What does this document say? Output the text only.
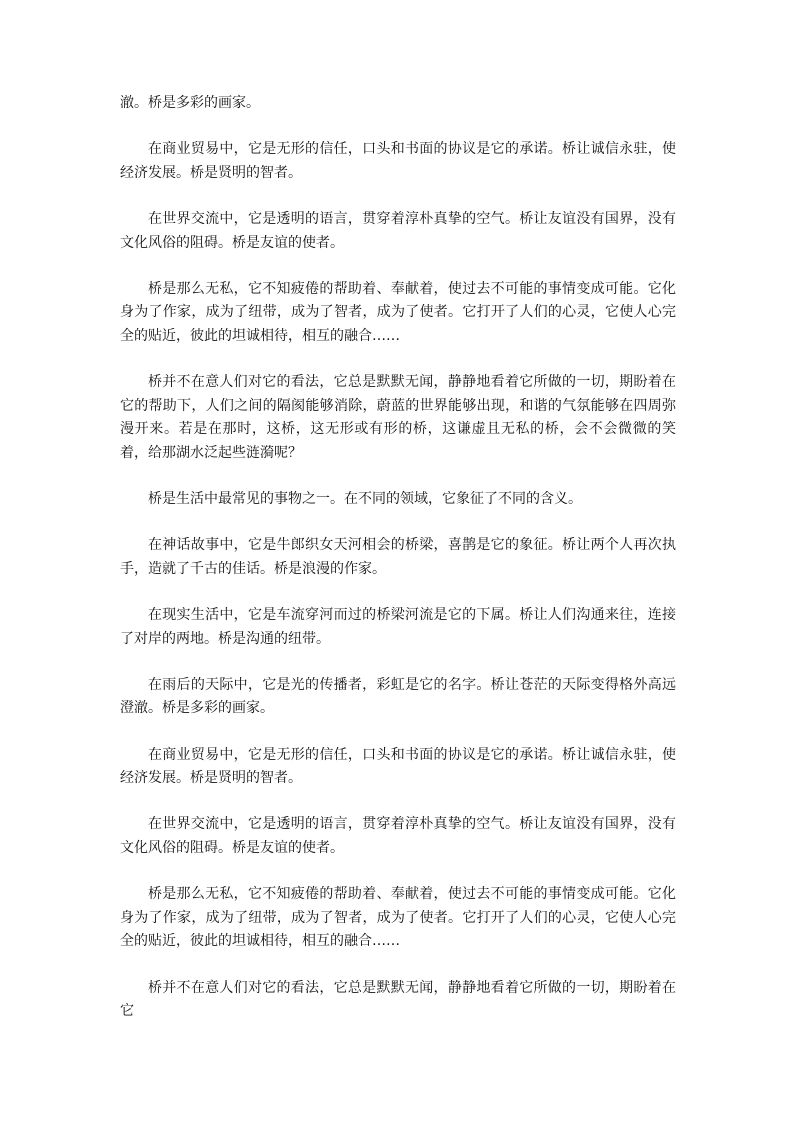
澈。桥是多彩的画家。

在商业贸易中，它是无形的信任，口头和书面的协议是它的承诺。桥让诚信永驻，使经济发展。桥是贤明的智者。

在世界交流中，它是透明的语言，贯穿着淳朴真挚的空气。桥让友谊没有国界，没有文化风俗的阻碍。桥是友谊的使者。

桥是那么无私，它不知疲倦的帮助着、奉献着，使过去不可能的事情变成可能。它化身为了作家，成为了纽带，成为了智者，成为了使者。它打开了人们的心灵，它使人心完全的贴近，彼此的坦诚相待，相互的融合……

桥并不在意人们对它的看法，它总是默默无闻，静静地看着它所做的一切，期盼着在它的帮助下，人们之间的隔阂能够消除，蔚蓝的世界能够出现，和谐的气氛能够在四周弥漫开来。若是在那时，这桥，这无形或有形的桥，这谦虚且无私的桥，会不会微微的笑着，给那湖水泛起些涟漪呢？

桥是生活中最常见的事物之一。在不同的领域，它象征了不同的含义。

在神话故事中，它是牛郎织女天河相会的桥梁，喜鹊是它的象征。桥让两个人再次执手，造就了千古的佳话。桥是浪漫的作家。

在现实生活中，它是车流穿河而过的桥梁河流是它的下属。桥让人们沟通来往，连接了对岸的两地。桥是沟通的纽带。

在雨后的天际中，它是光的传播者，彩虹是它的名字。桥让苍茫的天际变得格外高远澄澈。桥是多彩的画家。

在商业贸易中，它是无形的信任，口头和书面的协议是它的承诺。桥让诚信永驻，使经济发展。桥是贤明的智者。

在世界交流中，它是透明的语言，贯穿着淳朴真挚的空气。桥让友谊没有国界，没有文化风俗的阻碍。桥是友谊的使者。

桥是那么无私，它不知疲倦的帮助着、奉献着，使过去不可能的事情变成可能。它化身为了作家，成为了纽带，成为了智者，成为了使者。它打开了人们的心灵，它使人心完全的贴近，彼此的坦诚相待，相互的融合……

桥并不在意人们对它的看法，它总是默默无闻，静静地看着它所做的一切，期盼着在它
